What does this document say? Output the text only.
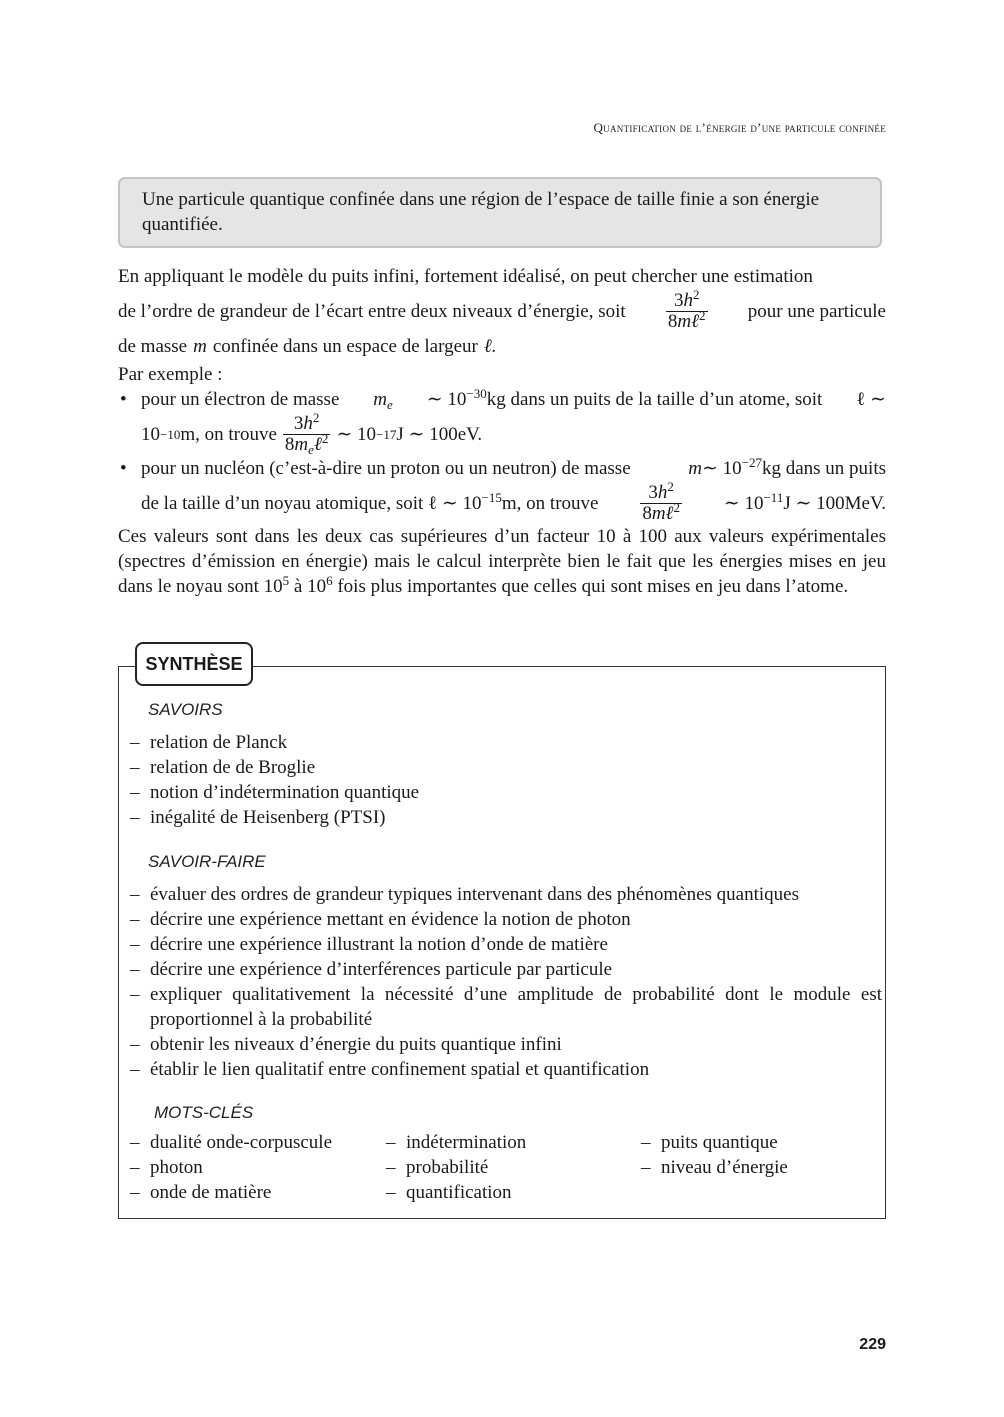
Quantification de l’énergie d’une particule confinée
Une particule quantique confinée dans une région de l’espace de taille finie a son énergie quantifiée.
En appliquant le modèle du puits infini, fortement idéalisé, on peut chercher une estimation
de l’ordre de grandeur de l’écart entre deux niveaux d’énergie, soit $\frac{3h^2}{8m\ell^2}$ pour une particule
de masse m confinée dans un espace de largeur ℓ.

Par exemple :

• pour un électron de masse $m_e$ ∼ $10^{-30}kg$ dans un puits de la taille d’un atome, soit ℓ ∼
10 −10 m, on trouve $\frac{3h^2}{8m_e\ell^2}$ ∼ 10 −17 J ∼ 100eV.
• pour un nucléon (c’est-à-dire un proton ou un neutron) de masse	m∼ $10^{-27}kg$ dans un puits
de la taille d’un noyau atomique, soit ℓ ∼ $10^{-15}m$, on trouve $\frac{3h^2}{8m\ell^2}$ ∼ $10^{-11}J$ ∼ 100MeV.

Ces valeurs sont dans les deux cas supérieures d’un facteur 10 à 100 aux valeurs expérimentales (spectres d’émission en énergie) mais le calcul interprète bien le fait que les énergies mises en jeu dans le noyau sont $10^5$ à $10^6$ fois plus importantes que celles qui sont mises en jeu dans l’atome.

SYNTHÈSE
SAVOIRS
– relation de Planck
– relation de de Broglie
– notion d’indétermination quantique
– inégalité de Heisenberg (PTSI)
SAVOIR-FAIRE
– évaluer des ordres de grandeur typiques intervenant dans des phénomènes quantiques
– décrire une expérience mettant en évidence la notion de photon
– décrire une expérience illustrant la notion d’onde de matière
– décrire une expérience d’interférences particule par particule
– expliquer qualitativement la nécessité d’une amplitude de probabilité dont le module est proportionnel à la probabilité
– obtenir les niveaux d’énergie du puits quantique infini
– établir le lien qualitatif entre confinement spatial et quantification
MOTS-CLÉS
– dualité onde-corpuscule
– photon
– onde de matière
– indétermination
– probabilité
– quantification
– puits quantique
– niveau d’énergie
229
